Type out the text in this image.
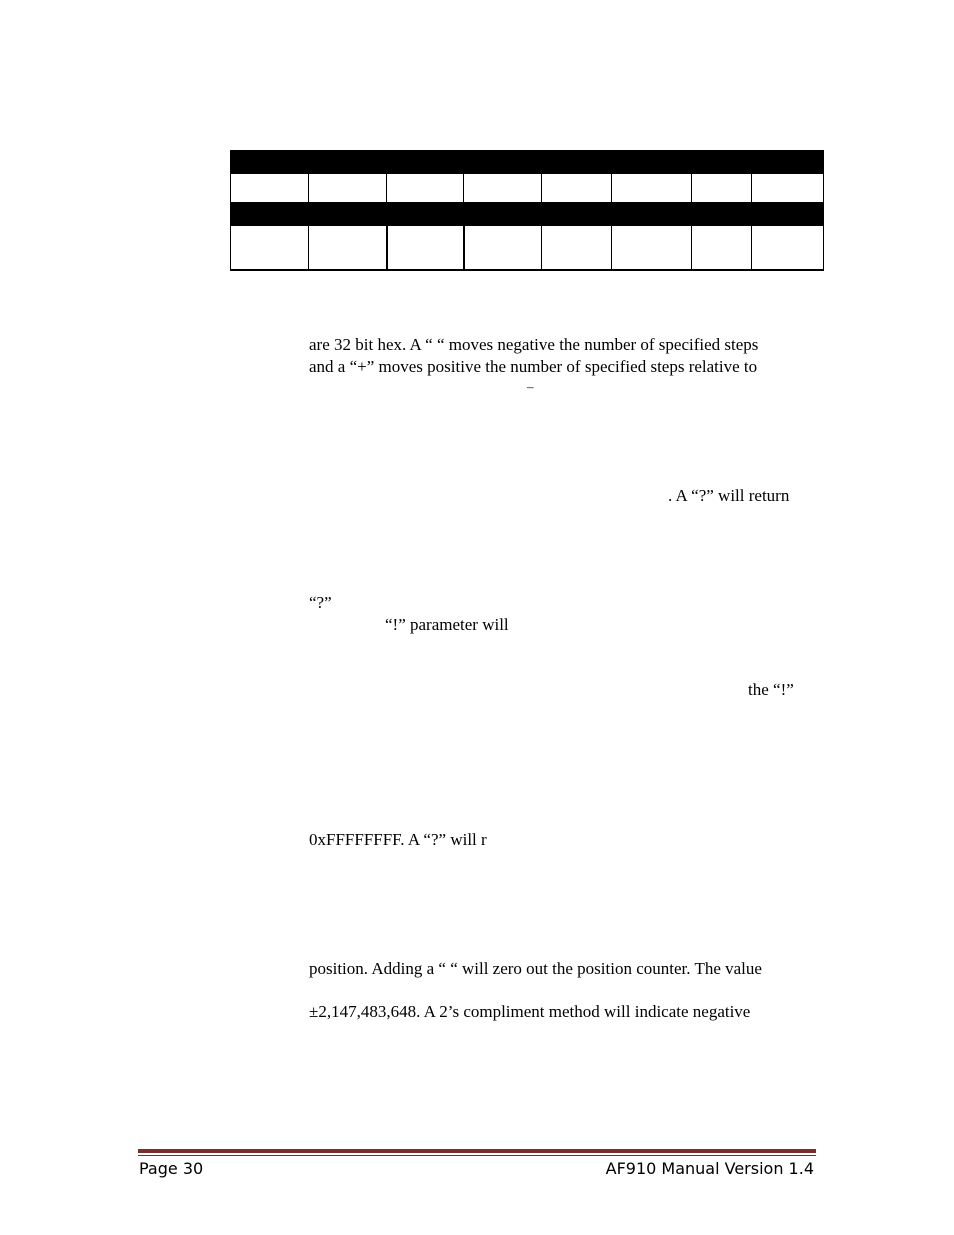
are 32 bit hex. A “ “ moves negative the number of specified steps
and a “+” moves positive the number of specified steps relative to
–
. A “?” will return
“?”
“!” parameter will
the “!”
0xFFFFFFFF. A “?” will r
position. Adding a “ “ will zero out the position counter. The value
±2,147,483,648. A 2’s compliment method will indicate negative
Page 30	AF910 Manual Version 1.4
